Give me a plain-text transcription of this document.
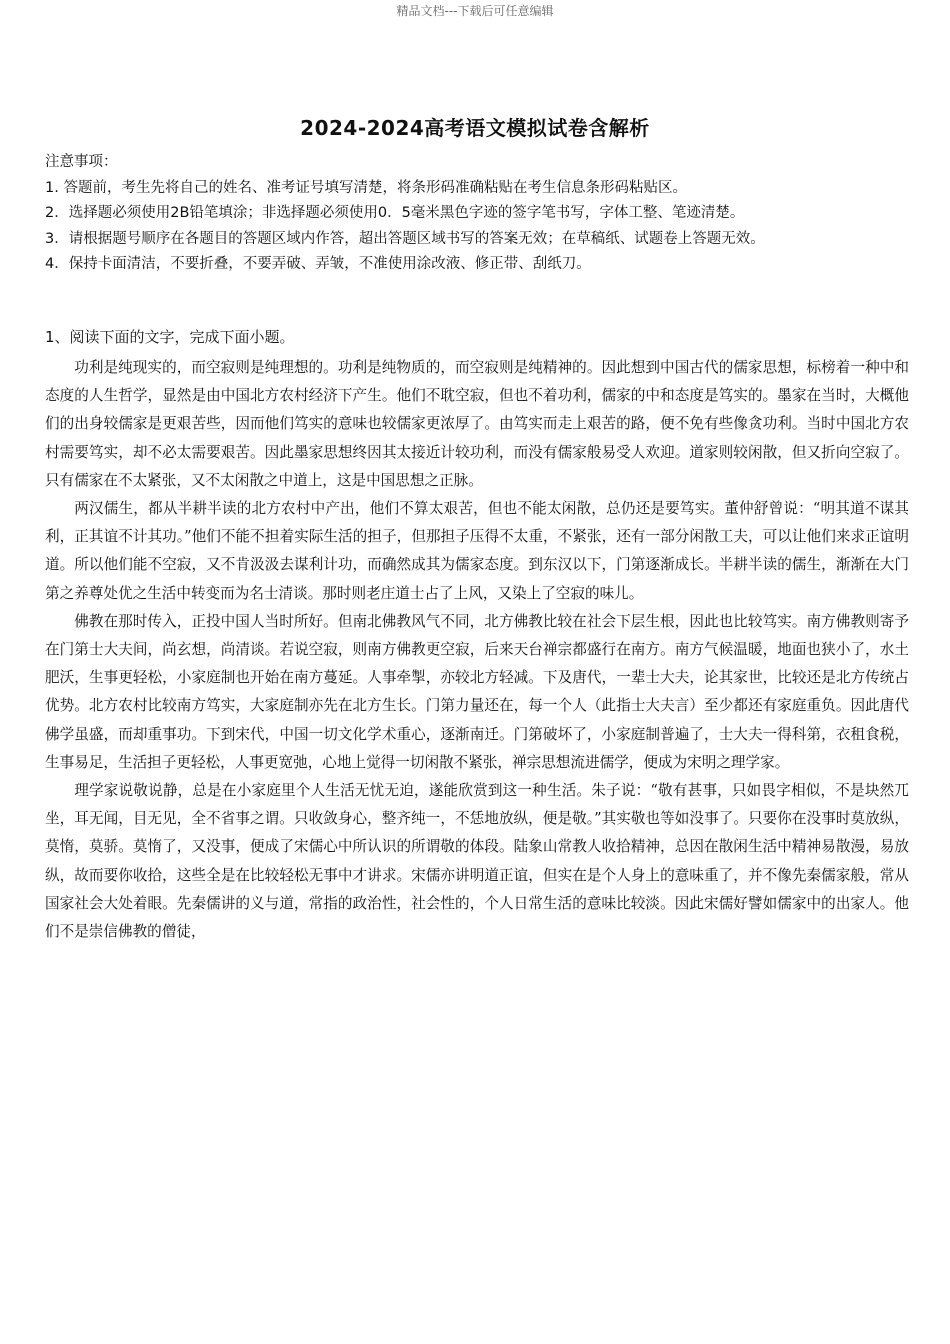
精品文档---下载后可任意编辑
2024-2024高考语文模拟试卷含解析
注意事项：
1. 答题前，考生先将自己的姓名、准考证号填写清楚，将条形码准确粘贴在考生信息条形码粘贴区。
2．选择题必须使用2B铅笔填涂；非选择题必须使用0．5毫米黑色字迹的签字笔书写，字体工整、笔迹清楚。
3．请根据题号顺序在各题目的答题区域内作答，超出答题区域书写的答案无效；在草稿纸、试题卷上答题无效。
4．保持卡面清洁，不要折叠，不要弄破、弄皱，不准使用涂改液、修正带、刮纸刀。
1、阅读下面的文字，完成下面小题。

功利是纯现实的，而空寂则是纯理想的。功利是纯物质的，而空寂则是纯精神的。因此想到中国古代的儒家思想，标榜着一种中和态度的人生哲学，显然是由中国北方农村经济下产生。他们不耽空寂，但也不着功利，儒家的中和态度是笃实的。墨家在当时，大概他们的出身较儒家是更艰苦些，因而他们笃实的意味也较儒家更浓厚了。由笃实而走上艰苦的路，便不免有些像贪功利。当时中国北方农村需要笃实，却不必太需要艰苦。因此墨家思想终因其太接近计较功利，而没有儒家般易受人欢迎。道家则较闲散，但又折向空寂了。只有儒家在不太紧张，又不太闲散之中道上，这是中国思想之正脉。

两汉儒生，都从半耕半读的北方农村中产出，他们不算太艰苦，但也不能太闲散，总仍还是要笃实。董仲舒曾说：“明其道不谋其利，正其谊不计其功。”他们不能不担着实际生活的担子，但那担子压得不太重，不紧张，还有一部分闲散工夫，可以让他们来求正谊明道。所以他们能不空寂，又不肯汲汲去谋利计功，而确然成其为儒家态度。到东汉以下，门第逐渐成长。半耕半读的儒生，渐渐在大门第之养尊处优之生活中转变而为名士清谈。那时则老庄道士占了上风，又染上了空寂的味儿。

佛教在那时传入，正投中国人当时所好。但南北佛教风气不同，北方佛教比较在社会下层生根，因此也比较笃实。南方佛教则寄予在门第士大夫间，尚玄想，尚清谈。若说空寂，则南方佛教更空寂，后来天台禅宗都盛行在南方。南方气候温暖，地面也狭小了，水土肥沃，生事更轻松，小家庭制也开始在南方蔓延。人事牵掣，亦较北方轻减。下及唐代，一辈士大夫，论其家世，比较还是北方传统占优势。北方农村比较南方笃实，大家庭制亦先在北方生长。门第力量还在，每一个人（此指士大夫言）至少都还有家庭重负。因此唐代佛学虽盛，而却重事功。下到宋代，中国一切文化学术重心，逐渐南迁。门第破坏了，小家庭制普遍了，士大夫一得科第，衣租食税，生事易足，生活担子更轻松，人事更宽弛，心地上觉得一切闲散不紧张，禅宗思想流进儒学，便成为宋明之理学家。

理学家说敬说静，总是在小家庭里个人生活无忧无迫，遂能欣赏到这一种生活。朱子说：“敬有甚事，只如畏字相似，不是块然兀坐，耳无闻，目无见，全不省事之谓。只收敛身心，整齐纯一，不恁地放纵，便是敬。”其实敬也等如没事了。只要你在没事时莫放纵，莫惰，莫骄。莫惰了，又没事，便成了宋儒心中所认识的所谓敬的体段。陆象山常教人收拾精神，总因在散闲生活中精神易散漫，易放纵，故而要你收拾，这些全是在比较轻松无事中才讲求。宋儒亦讲明道正谊，但实在是个人身上的意味重了，并不像先秦儒家般，常从国家社会大处着眼。先秦儒讲的义与道，常指的政治性，社会性的，个人日常生活的意味比较淡。因此宋儒好譬如儒家中的出家人。他们不是崇信佛教的僧徒，
